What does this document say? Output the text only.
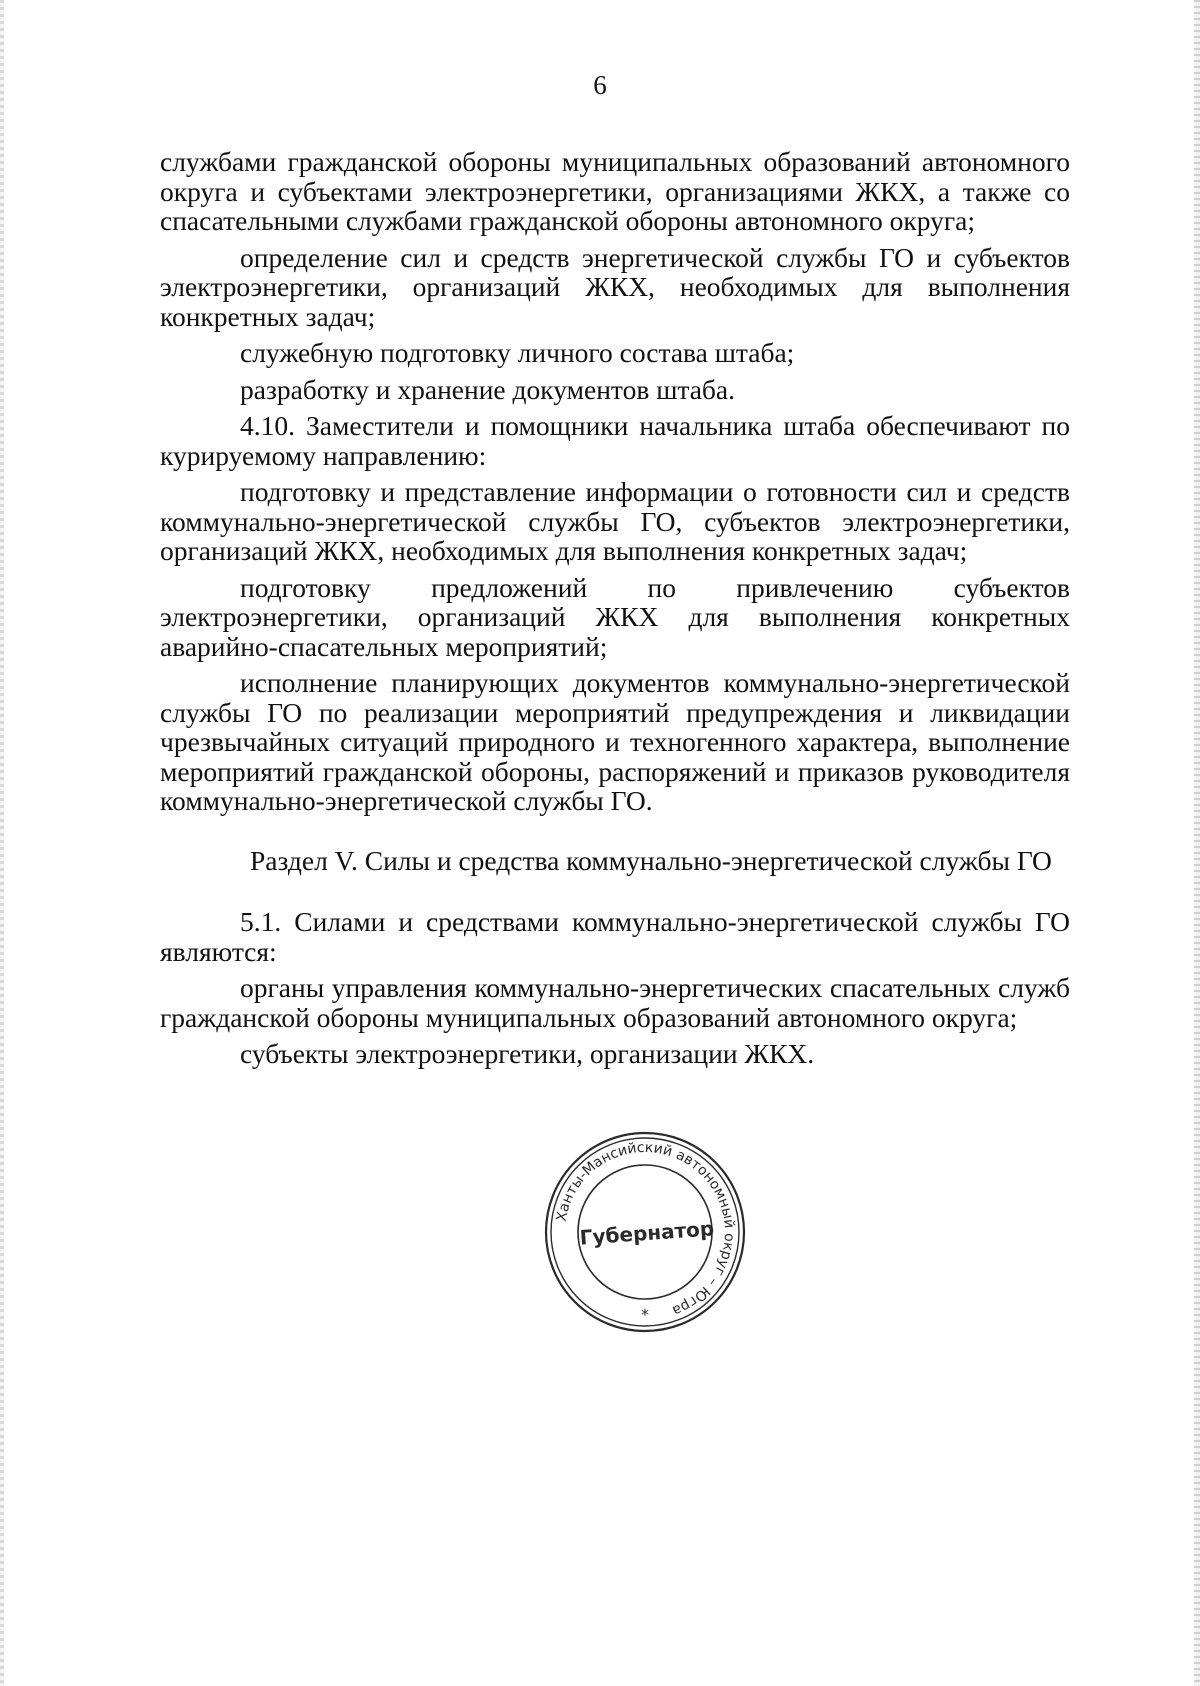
6

службами гражданской обороны муниципальных образований автономного округа и субъектами электроэнергетики, организациями ЖКХ, а также со спасательными службами гражданской обороны автономного округа;

определение сил и средств энергетической службы ГО и субъектов электроэнергетики, организаций ЖКХ, необходимых для выполнения конкретных задач;

служебную подготовку личного состава штаба;

разработку и хранение документов штаба.

4.10. Заместители и помощники начальника штаба обеспечивают по курируемому направлению:

подготовку и представление информации о готовности сил и средств коммунально-энергетической службы ГО, субъектов электроэнергетики, организаций ЖКХ, необходимых для выполнения конкретных задач;

подготовку предложений по привлечению субъектов электроэнергетики, организаций ЖКХ для выполнения конкретных аварийно-спасательных мероприятий;

исполнение планирующих документов коммунально-энергетической службы ГО по реализации мероприятий предупреждения и ликвидации чрезвычайных ситуаций природного и техногенного характера, выполнение мероприятий гражданской обороны, распоряжений и приказов руководителя коммунально-энергетической службы ГО.

Раздел V. Силы и средства коммунально-энергетической службы ГО

5.1. Силами и средствами коммунально-энергетической службы ГО являются:

органы управления коммунально-энергетических спасательных служб гражданской обороны муниципальных образований автономного округа;

субъекты электроэнергетики, организации ЖКХ.

Ханты-Мансийский автономный округ – Югра
Губернатор
*
